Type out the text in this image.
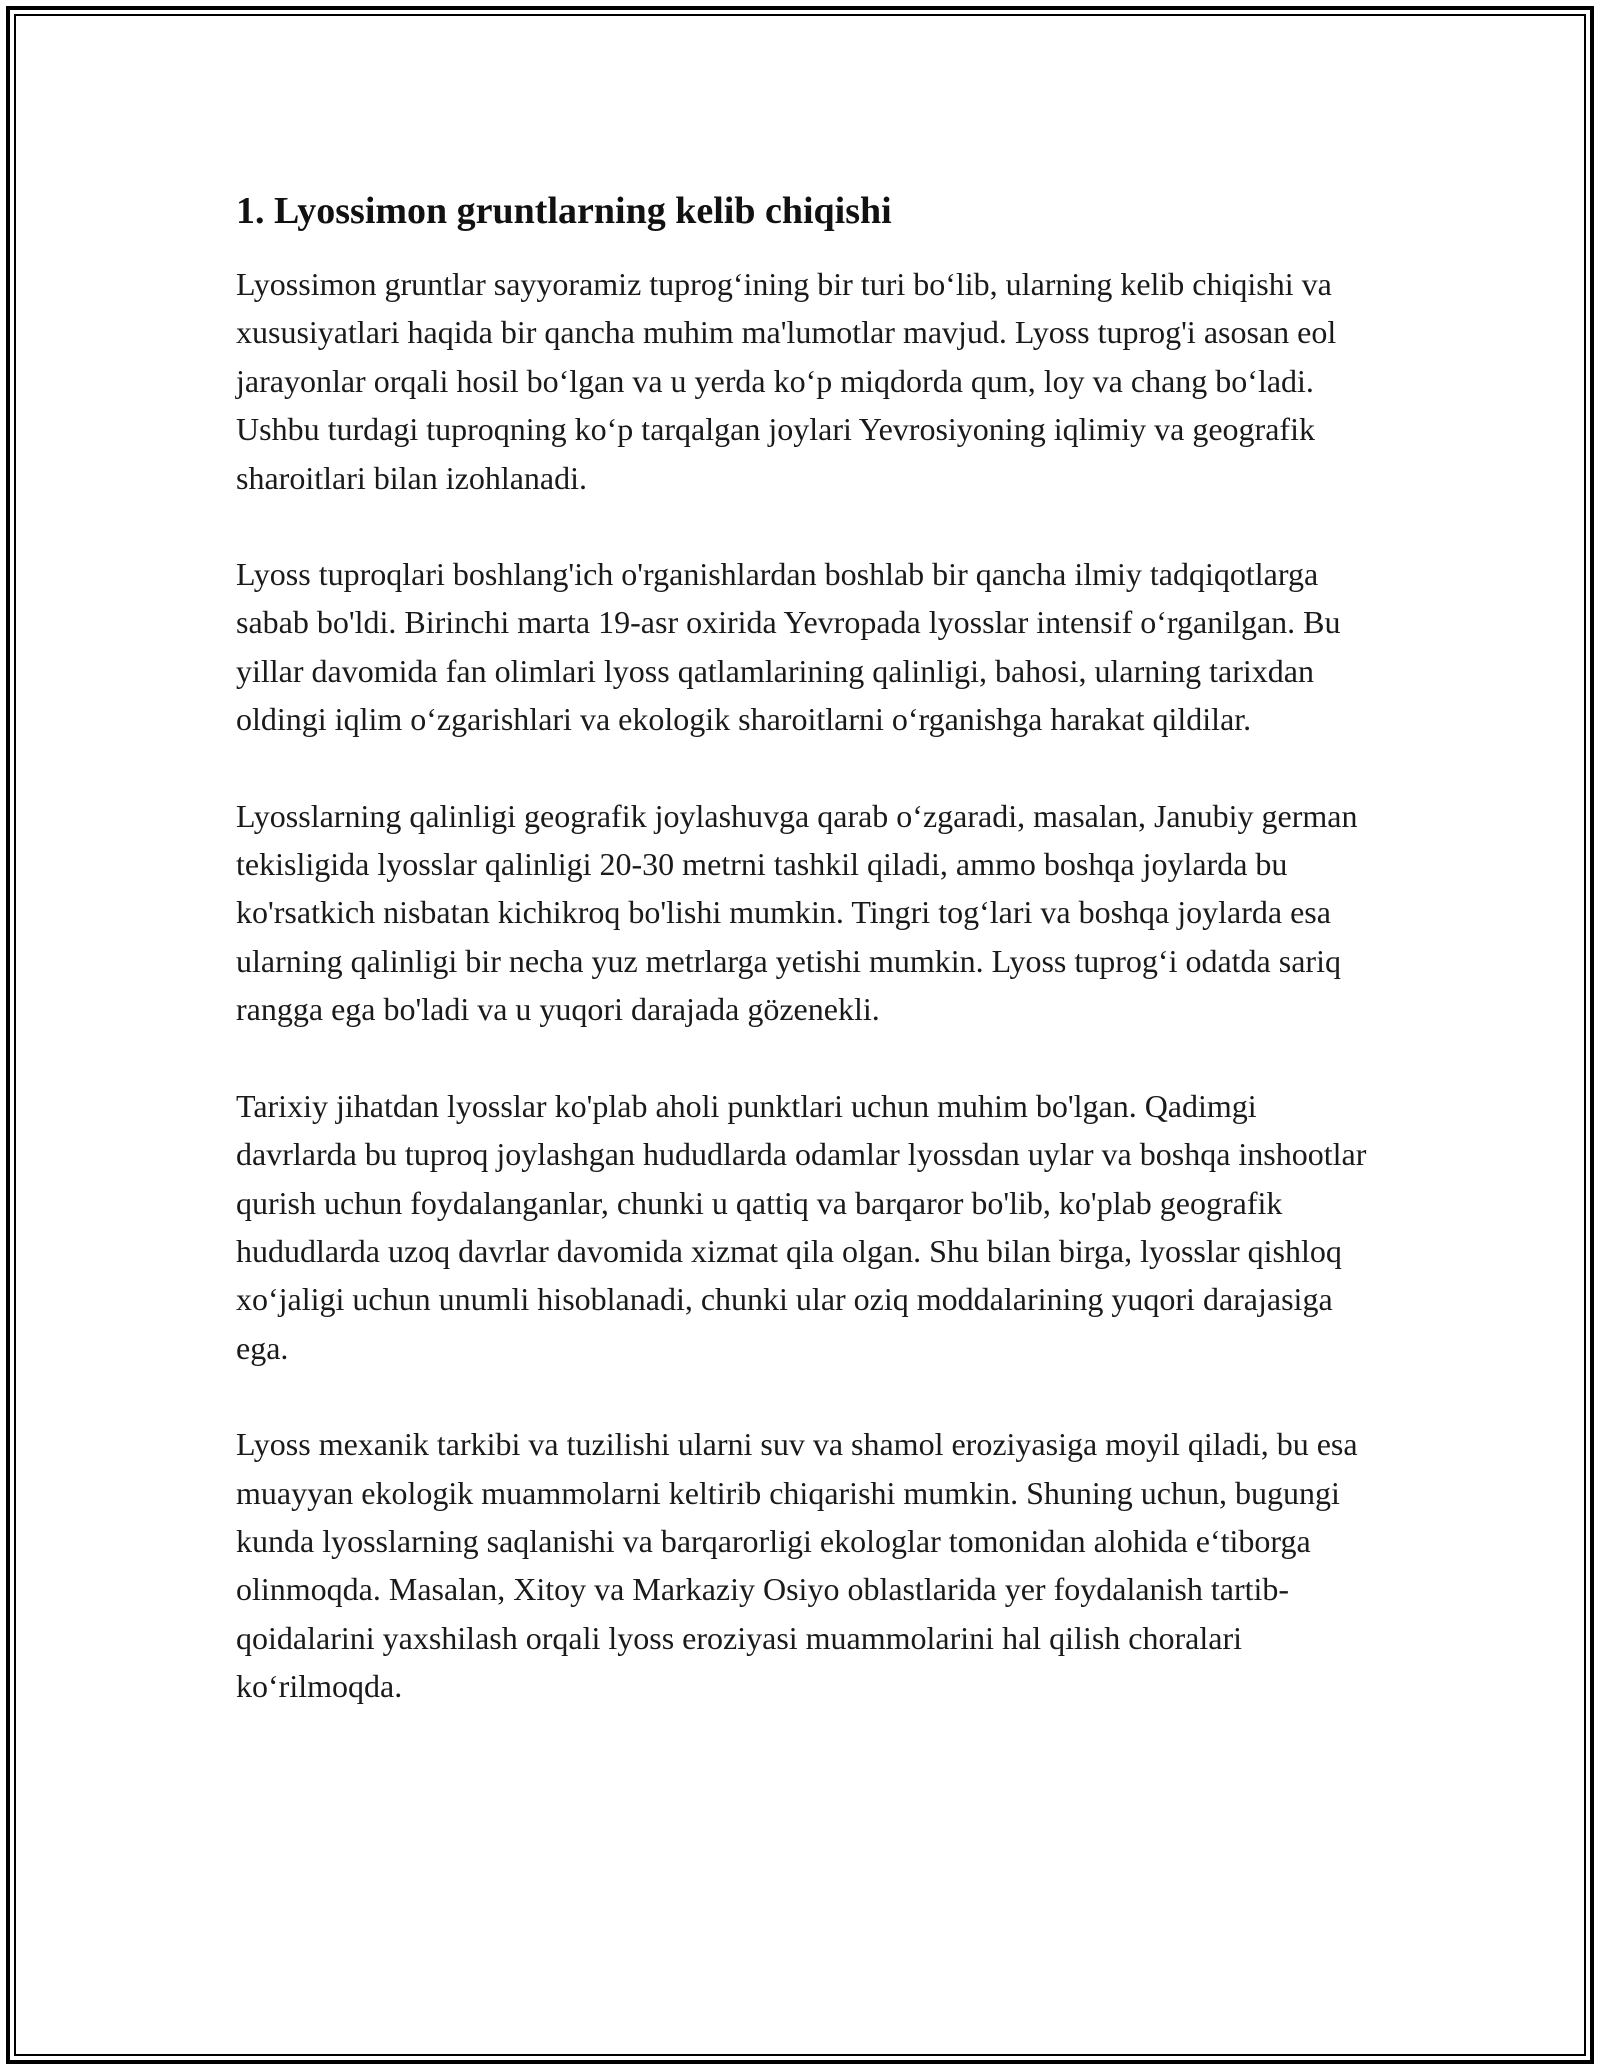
1. Lyossimon gruntlarning kelib chiqishi

Lyossimon gruntlar sayyoramiz tuprog‘ining bir turi bo‘lib, ularning kelib chiqishi va xususiyatlari haqida bir qancha muhim ma'lumotlar mavjud. Lyoss tuprog'i asosan eol jarayonlar orqali hosil bo‘lgan va u yerda ko‘p miqdorda qum, loy va chang bo‘ladi. Ushbu turdagi tuproqning ko‘p tarqalgan joylari Yevrosiyoning iqlimiy va geografik sharoitlari bilan izohlanadi.

Lyoss tuproqlari boshlang'ich o'rganishlardan boshlab bir qancha ilmiy tadqiqotlarga sabab bo'ldi. Birinchi marta 19-asr oxirida Yevropada lyosslar intensif o‘rganilgan. Bu yillar davomida fan olimlari lyoss qatlamlarining qalinligi, bahosi, ularning tarixdan oldingi iqlim o‘zgarishlari va ekologik sharoitlarni o‘rganishga harakat qildilar.

Lyosslarning qalinligi geografik joylashuvga qarab o‘zgaradi, masalan, Janubiy german tekisligida lyosslar qalinligi 20-30 metrni tashkil qiladi, ammo boshqa joylarda bu ko'rsatkich nisbatan kichikroq bo'lishi mumkin. Tingri tog‘lari va boshqa joylarda esa ularning qalinligi bir necha yuz metrlarga yetishi mumkin. Lyoss tuprog‘i odatda sariq rangga ega bo'ladi va u yuqori darajada gözenekli.

Tarixiy jihatdan lyosslar ko'plab aholi punktlari uchun muhim bo'lgan. Qadimgi davrlarda bu tuproq joylashgan hududlarda odamlar lyossdan uylar va boshqa inshootlar qurish uchun foydalanganlar, chunki u qattiq va barqaror bo'lib, ko'plab geografik hududlarda uzoq davrlar davomida xizmat qila olgan. Shu bilan birga, lyosslar qishloq xo‘jaligi uchun unumli hisoblanadi, chunki ular oziq moddalarining yuqori darajasiga ega.

Lyoss mexanik tarkibi va tuzilishi ularni suv va shamol eroziyasiga moyil qiladi, bu esa muayyan ekologik muammolarni keltirib chiqarishi mumkin. Shuning uchun, bugungi kunda lyosslarning saqlanishi va barqarorligi ekologlar tomonidan alohida e‘tiborga olinmoqda. Masalan, Xitoy va Markaziy Osiyo oblastlarida yer foydalanish tartib-qoidalarini yaxshilash orqali lyoss eroziyasi muammolarini hal qilish choralari ko‘rilmoqda.
